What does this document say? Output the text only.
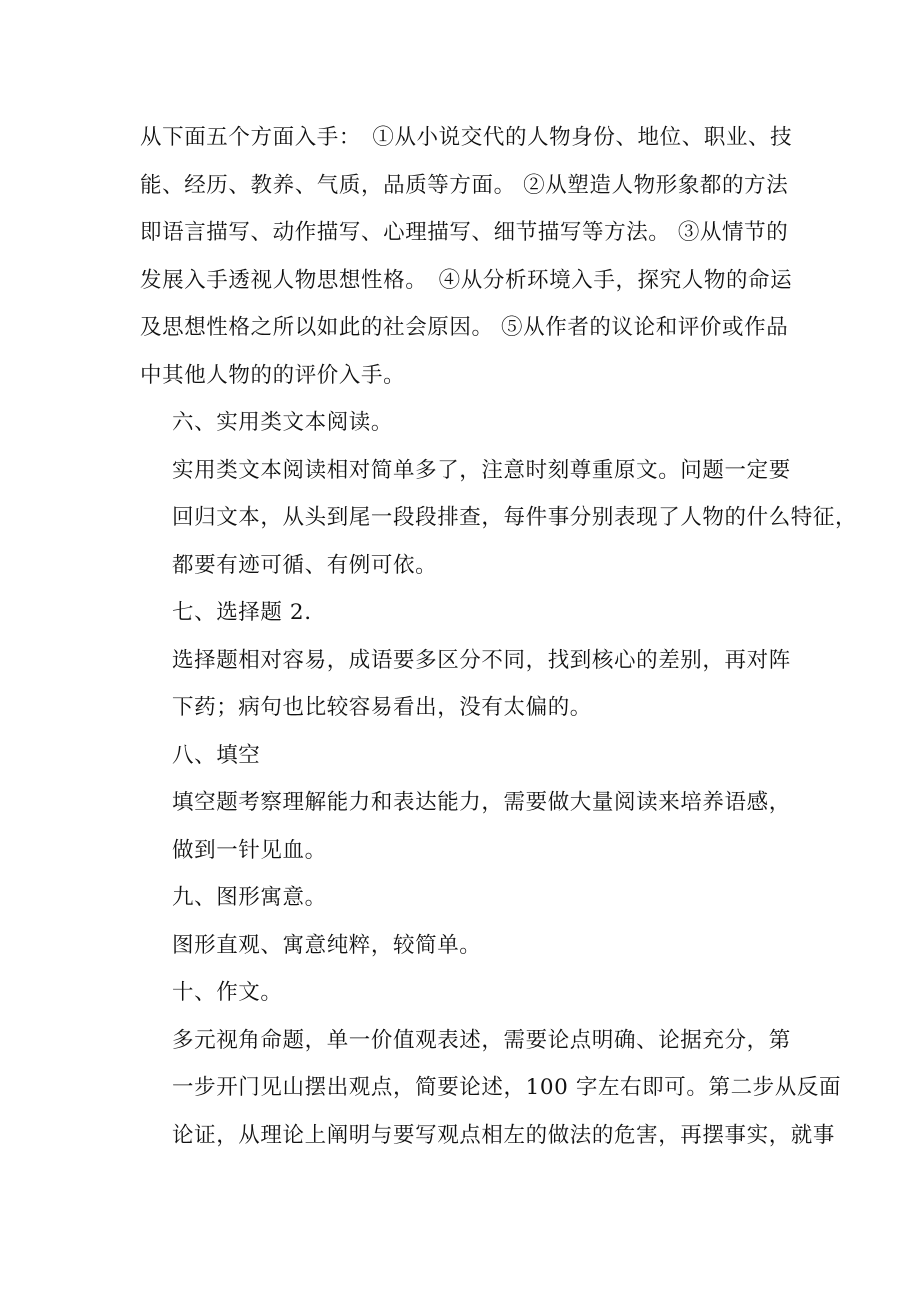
从下面五个方面入手：　①从小说交代的人物身份、地位、职业、技
能、经历、教养、气质，品质等方面。 ②从塑造人物形象都的方法
即语言描写、动作描写、心理描写、细节描写等方法。 ③从情节的
发展入手透视人物思想性格。　④从分析环境入手，探究人物的命运
及思想性格之所以如此的社会原因。 ⑤从作者的议论和评价或作品
中其他人物的的评价入手。

六、实用类文本阅读。

实用类文本阅读相对简单多了，注意时刻尊重原文。问题一定要
回归文本，从头到尾一段段排查，每件事分别表现了人物的什么特征，
都要有迹可循、有例可依。

七、选择题 2.

选择题相对容易，成语要多区分不同，找到核心的差别，再对阵
下药；病句也比较容易看出，没有太偏的。

八、填空

填空题考察理解能力和表达能力，需要做大量阅读来培养语感，
做到一针见血。

九、图形寓意。

图形直观、寓意纯粹，较简单。

十、作文。

多元视角命题，单一价值观表述，需要论点明确、论据充分，第
一步开门见山摆出观点，简要论述，100 字左右即可。第二步从反面
论证，从理论上阐明与要写观点相左的做法的危害，再摆事实，就事
